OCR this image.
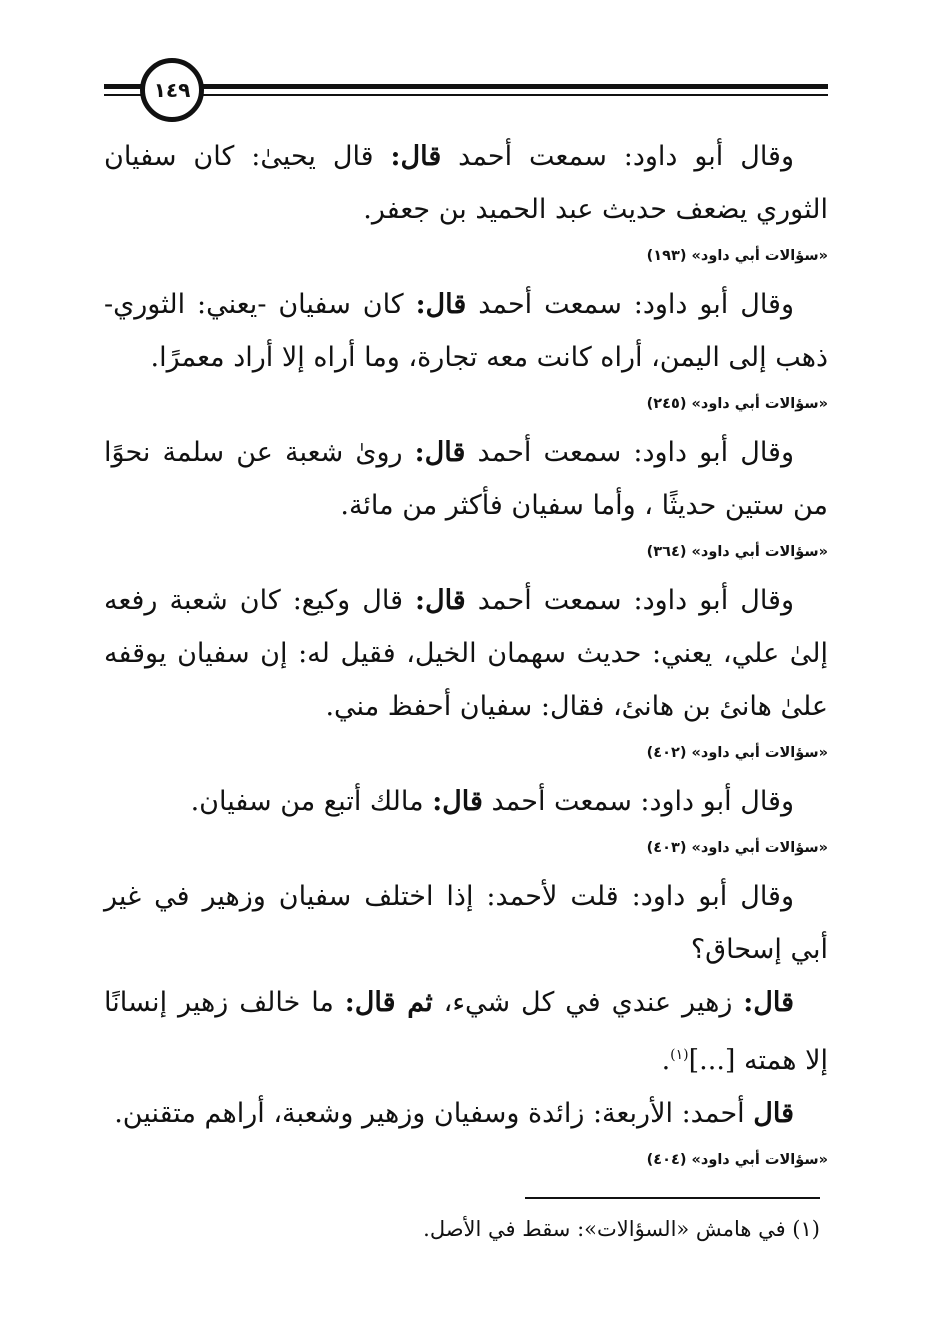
١٤٩

وقال أبو داود: سمعت أحمد قال: قال يحيىٰ: كان سفيان الثوري يضعف حديث عبد الحميد بن جعفر.

«سؤالات أبي داود» (١٩٣)

وقال أبو داود: سمعت أحمد قال: كان سفيان -يعني: الثوري- ذهب إلى اليمن، أراه كانت معه تجارة، وما أراه إلا أراد معمرًا.

«سؤالات أبي داود» (٢٤٥)

وقال أبو داود: سمعت أحمد قال: روىٰ شعبة عن سلمة نحوًا من ستين حديثًا ، وأما سفيان فأكثر من مائة.

«سؤالات أبي داود» (٣٦٤)

وقال أبو داود: سمعت أحمد قال: قال وكيع: كان شعبة رفعه إلىٰ علي، يعني: حديث سهمان الخيل، فقيل له: إن سفيان يوقفه علىٰ هانئ بن هانئ، فقال: سفيان أحفظ مني.

«سؤالات أبي داود» (٤٠٢)

وقال أبو داود: سمعت أحمد قال: مالك أتبع من سفيان.

«سؤالات أبي داود» (٤٠٣)

وقال أبو داود: قلت لأحمد: إذا اختلف سفيان وزهير في غير أبي إسحاق؟

قال: زهير عندي في كل شيء، ثم قال: ما خالف زهير إنسانًا إلا همته [...]$^{(١)}$.

قال أحمد: الأربعة: زائدة وسفيان وزهير وشعبة، أراهم متقنين.

«سؤالات أبي داود» (٤٠٤)
(١) في هامش «السؤالات»: سقط في الأصل.
